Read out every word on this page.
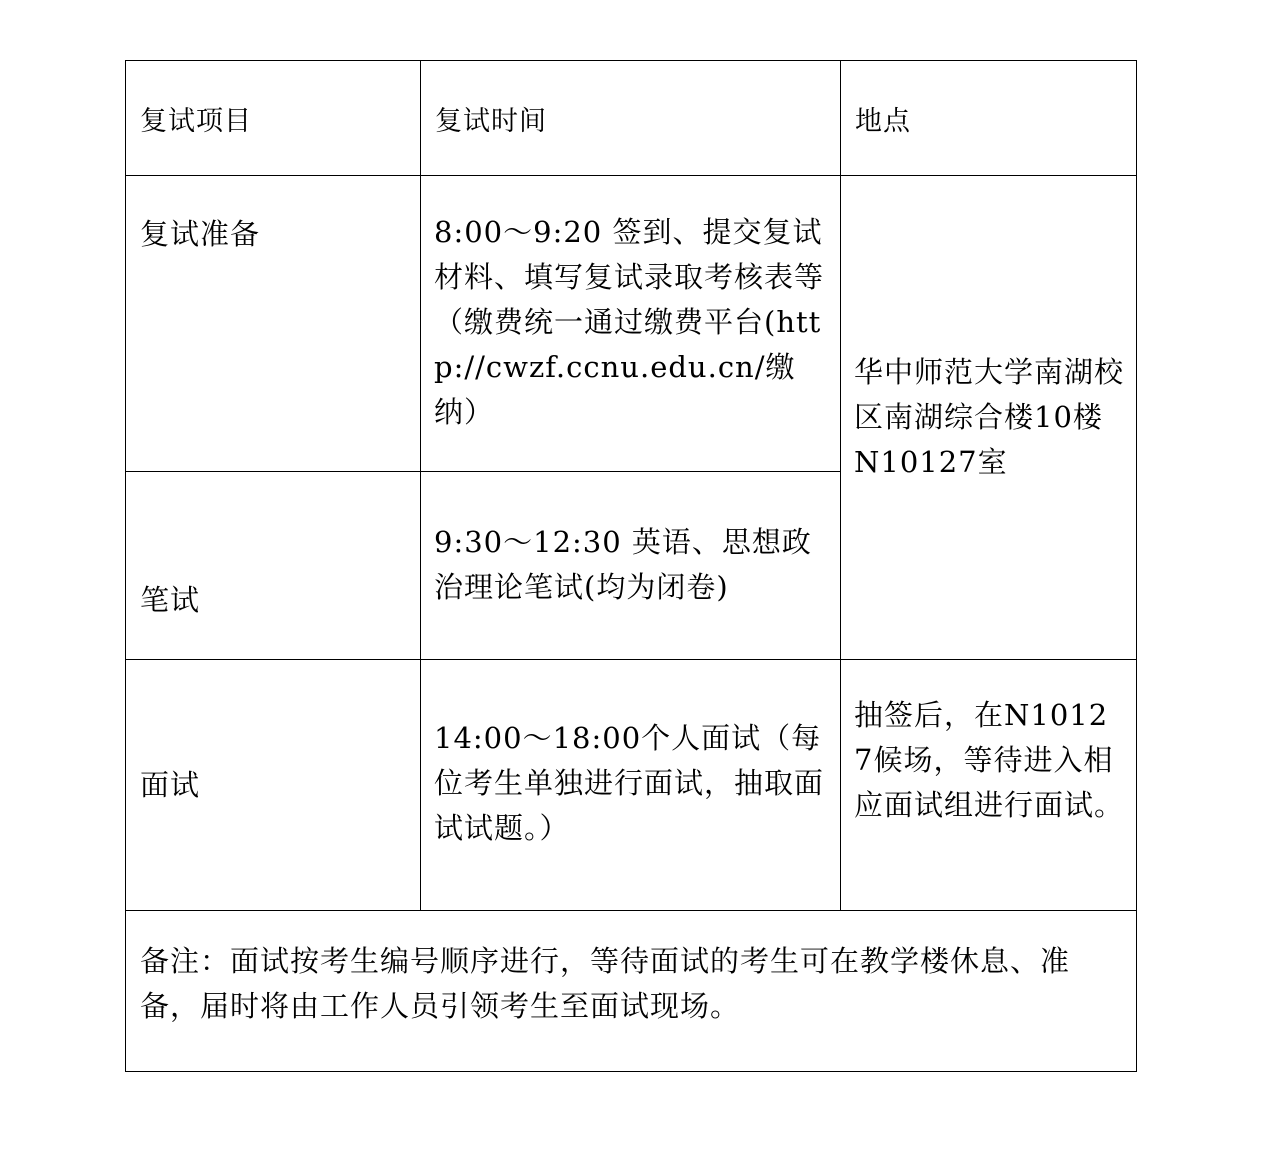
复试项目	复试时间	地点

复试准备	8:00～9:20 签到、提交复试材料、填写复试录取考核表等（缴费统一通过缴费平台(http://cwzf.ccnu.edu.cn/缴纳）	华中师范大学南湖校区南湖综合楼10楼N10127室

笔试	9:30～12:30 英语、思想政治理论笔试(均为闭卷)	

面试	14:00～18:00个人面试（每位考生单独进行面试，抽取面试试题。）	抽签后，在N10127候场，等待进入相应面试组进行面试。

备注：面试按考生编号顺序进行，等待面试的考生可在教学楼休息、准备，届时将由工作人员引领考生至面试现场。		
